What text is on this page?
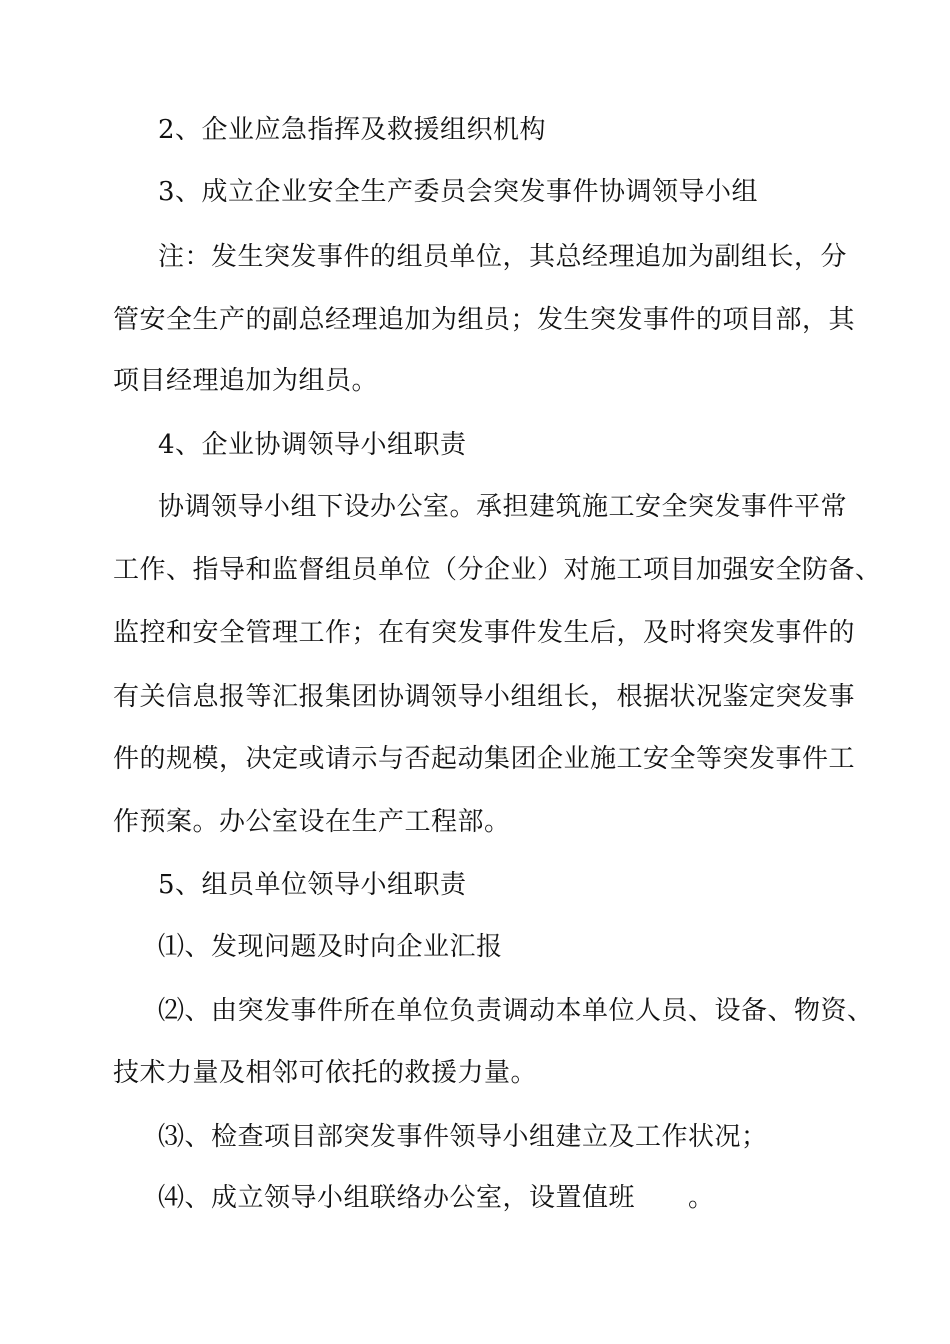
2、企业应急指挥及救援组织机构
3、成立企业安全生产委员会突发事件协调领导小组
注：发生突发事件的组员单位，其总经理追加为副组长，分
管安全生产的副总经理追加为组员；发生突发事件的项目部，其
项目经理追加为组员。
4、企业协调领导小组职责
协调领导小组下设办公室。承担建筑施工安全突发事件平常
工作、指导和监督组员单位（分企业）对施工项目加强安全防备、
监控和安全管理工作；在有突发事件发生后，及时将突发事件的
有关信息报等汇报集团协调领导小组组长，根据状况鉴定突发事
件的规模，决定或请示与否起动集团企业施工安全等突发事件工
作预案。办公室设在生产工程部。
5、组员单位领导小组职责
⑴、发现问题及时向企业汇报
⑵、由突发事件所在单位负责调动本单位人员、设备、物资、
技术力量及相邻可依托的救援力量。
⑶、检查项目部突发事件领导小组建立及工作状况；
⑷、成立领导小组联络办公室，设置值班　　。
